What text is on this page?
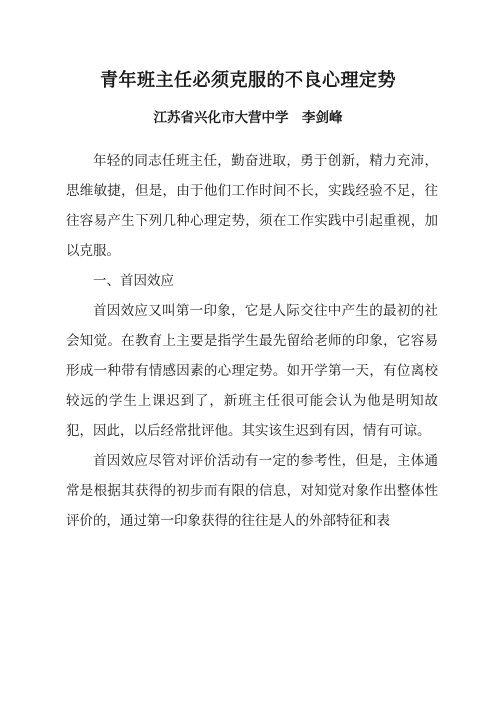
青年班主任必须克服的不良心理定势
江苏省兴化市大营中学　李剑峰

年轻的同志任班主任，勤奋进取，勇于创新，精力充沛，思维敏捷，但是，由于他们工作时间不长，实践经验不足，往往容易产生下列几种心理定势，须在工作实践中引起重视，加以克服。

一、首因效应

首因效应又叫第一印象，它是人际交往中产生的最初的社会知觉。在教育上主要是指学生最先留给老师的印象，它容易形成一种带有情感因素的心理定势。如开学第一天，有位离校较远的学生上课迟到了，新班主任很可能会认为他是明知故犯，因此，以后经常批评他。其实该生迟到有因，情有可谅。

首因效应尽管对评价活动有一定的参考性，但是，主体通常是根据其获得的初步而有限的信息，对知觉对象作出整体性评价的，通过第一印象获得的往往是人的外部特征和表
